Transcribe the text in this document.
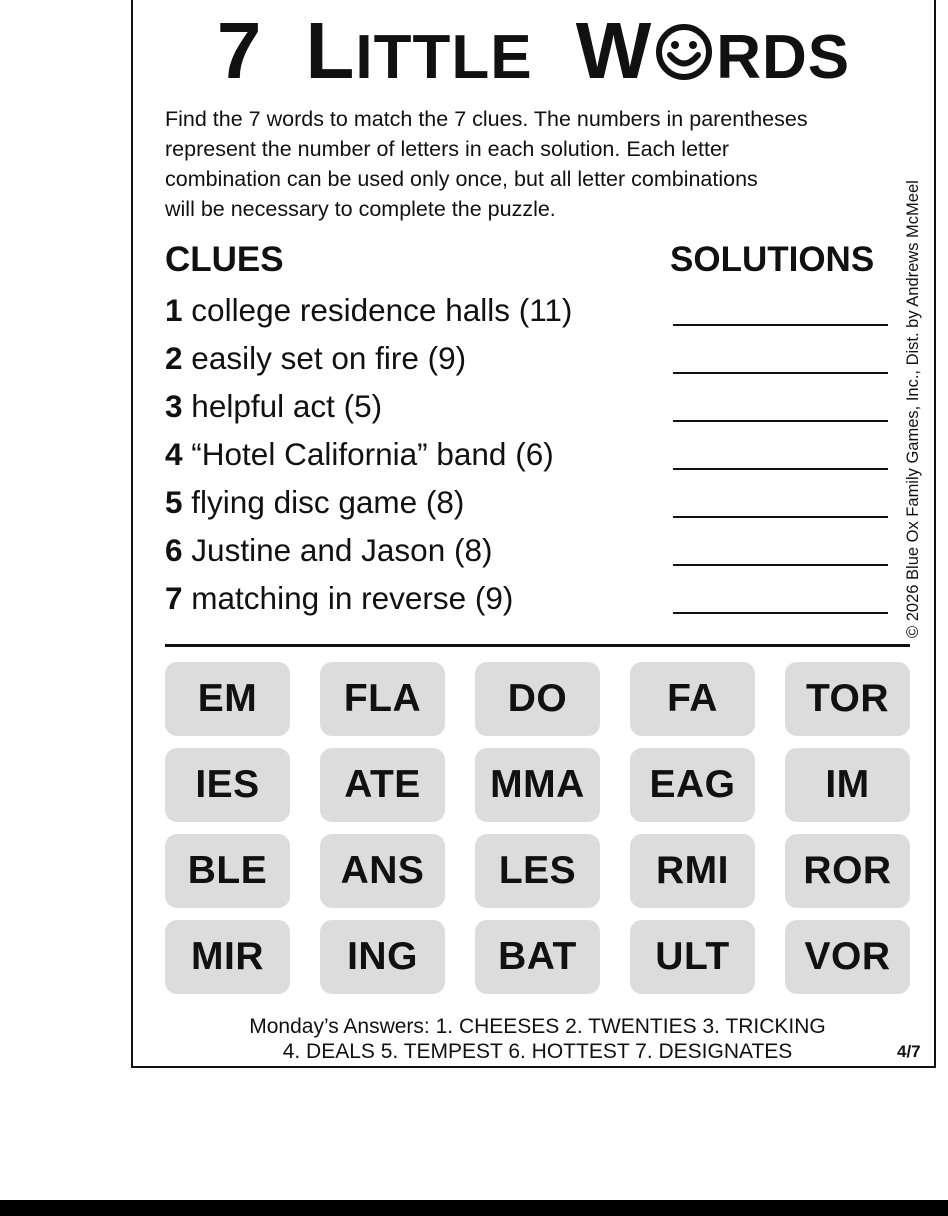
7 LITTLE W RDS
Find the 7 words to match the 7 clues. The numbers in parentheses
represent the number of letters in each solution. Each letter
combination can be used only once, but all letter combinations
will be necessary to complete the puzzle.
CLUES	SOLUTIONS
1 college residence halls (11)
2 easily set on fire (9)
3 helpful act (5)
4 “Hotel California” band (6)
5 flying disc game (8)
6 Justine and Jason (8)
7 matching in reverse (9)	© 2026 Blue Ox Family Games, Inc., Dist. by Andrews McMeel
EM	FLA	DO	FA	TOR
IES	ATE	MMA	EAG	IM
BLE	ANS	LES	RMI	ROR
MIR	ING	BAT	ULT	VOR
Monday’s Answers: 1. CHEESES 2. TWENTIES 3. TRICKING
4. DEALS 5. TEMPEST 6. HOTTEST 7. DESIGNATES	4/7
